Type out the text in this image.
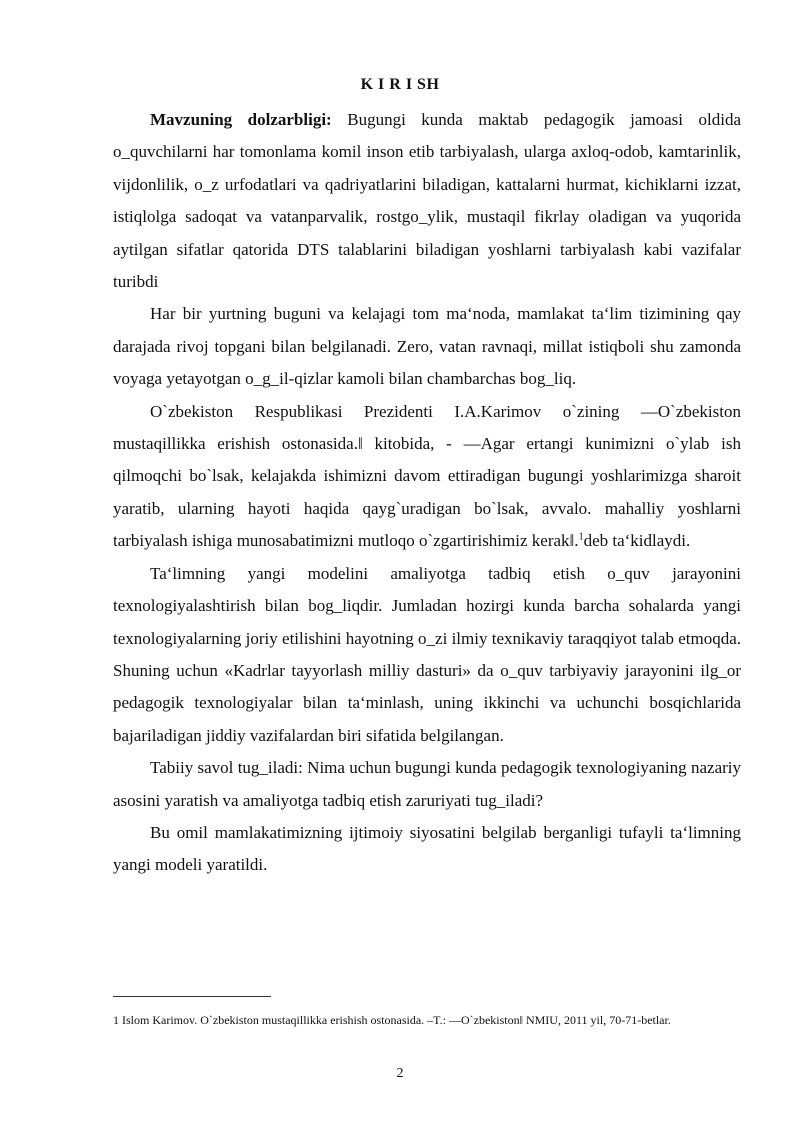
K I R I SH

Mavzuning dolzarbligi: Bugungi kunda maktab pedagogik jamoasi oldida o_quvchilarni har tomonlama komil inson etib tarbiyalash, ularga axloq-odob, kamtarinlik, vijdonlilik, o_z urfodatlari va qadriyatlarini biladigan, kattalarni hurmat, kichiklarni izzat, istiqlolga sadoqat va vatanparvalik, rostgo_ylik, mustaqil fikrlay oladigan va yuqorida aytilgan sifatlar qatorida DTS talablarini biladigan yoshlarni tarbiyalash kabi vazifalar turibdi

Har bir yurtning buguni va kelajagi tom ma‘noda, mamlakat ta‘lim tizimining qay darajada rivoj topgani bilan belgilanadi. Zero, vatan ravnaqi, millat istiqboli shu zamonda voyaga yetayotgan o_g_il-qizlar kamoli bilan chambarchas bog_liq.

O`zbekiston Respublikasi Prezidenti I.A.Karimov o`zining ―O`zbekiston mustaqillikka erishish ostonasida.‖ kitobida, - ―Agar ertangi kunimizni o`ylab ish qilmoqchi bo`lsak, kelajakda ishimizni davom ettiradigan bugungi yoshlarimizga sharoit yaratib, ularning hayoti haqida qayg`uradigan bo`lsak, avvalo. mahalliy yoshlarni tarbiyalash ishiga munosabatimizni mutloqo o`zgartirishimiz kerak‖.$^1$deb ta‘kidlaydi.

Ta‘limning yangi modelini amaliyotga tadbiq etish o_quv jarayonini texnologiyalashtirish bilan bog_liqdir. Jumladan hozirgi kunda barcha sohalarda yangi texnologiyalarning joriy etilishini hayotning o_zi ilmiy texnikaviy taraqqiyot talab etmoqda. Shuning uchun «Kadrlar tayyorlash milliy dasturi» da o_quv tarbiyaviy jarayonini ilg_or pedagogik texnologiyalar bilan ta‘minlash, uning ikkinchi va uchunchi bosqichlarida bajariladigan jiddiy vazifalardan biri sifatida belgilangan.

Tabiiy savol tug_iladi: Nima uchun bugungi kunda pedagogik texnologiyaning nazariy asosini yaratish va amaliyotga tadbiq etish zaruriyati tug_iladi?

Bu omil mamlakatimizning ijtimoiy siyosatini belgilab berganligi tufayli ta‘limning yangi modeli yaratildi.

1 Islom Karimov. O`zbekiston mustaqillikka erishish ostonasida. –T.: ―O`zbekiston‖ NMIU, 2011 yil, 70-71-betlar.
2
